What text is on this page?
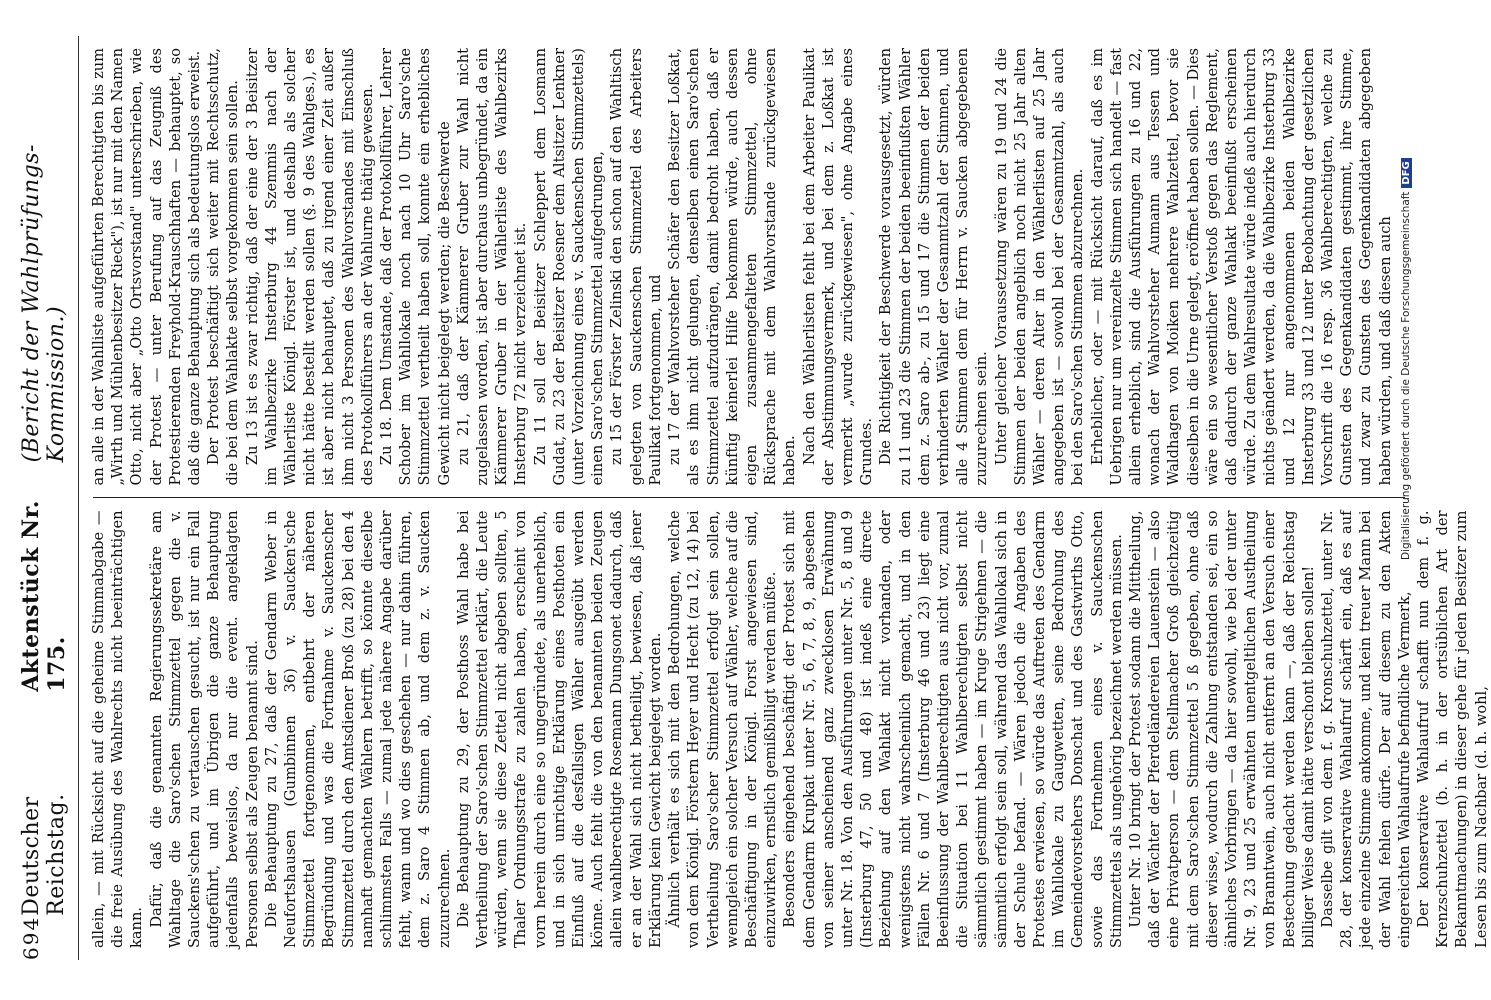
694
Deutscher Reichstag.
Aktenstück Nr. 175.
(Bericht der Wahlprüfungs-Kommission.)

allein, — mit Rücksicht auf die geheime Stimmabgabe — die freie Ausübung des Wahlrechts nicht beeinträchtigen kann. Dafür, daß die genannten Regierungssekretäre am Wahltage die Saro'schen Stimmzettel gegen die v. Sauckens'schen zu vertauschen gesucht, ist nur ein Fall aufgeführt, und im Übrigen die ganze Behauptung jedenfalls beweislos, da nur die event. angeklagten Personen selbst als Zeugen benannt sind. Die Behauptung zu 27, daß der Gendarm Weber in Neufortshausen (Gumbinnen 36) v. Saucken'sche Stimmzettel fortgenommen, entbehrt der näheren Begründung und was die Fortnahme v. Sauckenscher Stimmzettel durch den Amtsdiener Broß (zu 28) bei den 4 namhaft gemachten Wählern betrifft, so könnte dieselbe schlimmsten Falls — zumal jede nähere Angabe darüber fehlt, wann und wo dies geschehen — nur dahin führen, dem z. Saro 4 Stimmen ab, und dem z. v. Saucken zuzurechnen. Die Behauptung zu 29, der Posthoss Wahl habe bei Vertheilung der Saro'schen Stimmzettel erklärt, die Leute würden, wenn sie diese Zettel nicht abgeben sollten, 5 Thaler Ordnungsstrafe zu zahlen haben, erscheint von vorn herein durch eine so ungegründete, als unerheblich, und in sich unrichtige Erklärung eines Posthoten ein Einfluß auf die desfallsigen Wähler ausgeübt werden könne. Auch fehlt die von den benannten beiden Zeugen allein wahlberechtigte Rosemann Dungsonet dadurch, daß er an der Wahl sich nicht betheiligt, bewiesen, daß jener Erklärung kein Gewicht beigelegt worden. Ähnlich verhält es sich mit den Bedrohungen, welche von dem Königl. Förstern Heyer und Hecht (zu 12, 14) bei Vertheilung Saro'scher Stimmzettel erfolgt sein sollen, wenngleich ein solcher Versuch auf Wähler, welche auf die Beschäftigung in der Königl. Forst angewiesen sind, einzuwirken, ernstlich gemißbilligt werden müßte. Besonders eingehend beschäftigt der Protest sich mit dem Gendarm Krupkat unter Nr. 5, 6, 7, 8, 9, abgesehen von seiner anscheinend ganz zwecklosen Erwähnung unter Nr. 18. Von den Ausführungen unter Nr. 5, 8 und 9 (Insterburg 47, 50 und 48) ist indeß eine directe Beziehung auf den Wahlakt nicht vorhanden, oder wenigstens nicht wahrscheinlich gemacht, und in den Fällen Nr. 6 und 7 (Insterburg 46 und 23) liegt eine Beeinflussung der Wahlberechtigten aus nicht vor, zumal die Situation bei 11 Wahlberechtigten selbst nicht sämmtlich gestimmt haben — im Kruge Strigehnen — die sämmtlich erfolgt sein soll, während das Wahllokal sich in der Schule befand. — Wären jedoch die Angaben des Protestes erwiesen, so würde das Auftreten des Gendarm im Wahllokale zu Gaugwetten, seine Bedrohung des Gemeindevorstehers Donschat und des Gastwirths Otto, sowie das Fortnehmen eines v. Sauckenschen Stimmzettels als ungehörig bezeichnet werden müssen. Unter Nr. 10 bringt der Protest sodann die Mittheilung, daß der Wächter der Pferdeländereien Lauenstein — also eine Privatperson — dem Stellmacher Groß gleichzeitig mit dem Saro'schen Stimmzettel 5 ß gegeben, ohne daß dieser wisse, wodurch die Zahlung entstanden sei, ein so ähnliches Vorbringen — da hier sowohl, wie bei der unter Nr. 9, 23 und 25 erwähnten unentgeltlichen Austheilung von Branntwein, auch nicht entfernt an den Versuch einer Bestechung gedacht werden kann —, daß der Reichstag billiger Weise damit hätte verschont bleiben sollen! Dasselbe gilt von dem f. g. Kronschuhzettel, unter Nr. 28, der konservative Wahlaufruf schärft ein, daß es auf jede einzelne Stimme ankomme, und kein treuer Mann bei der Wahl fehlen dürfe. Der auf diesem zu den Akten eingereichten Wahlaufrufe befindliche Vermerk, Der konservative Wahlaufruf schafft nun dem f. g. Krenzschuhzettel (b. h. in der ortsüblichen Art der Bekanntmachungen) in dieser gehe für jeden Besitzer zum Lesen bis zum Nachbar (d. h. wohl,

an alle in der Wahlliste aufgeführten Berechtigten bis zum „Wirth und Mühlenbesitzer Rieck"), ist nur mit den Namen Otto, nicht aber „Otto Ortsvorstand" unterschrieben, wie der Protest — unter Berufung auf das Zeugniß des Protestierenden Freyhold-Krauschhaften — behauptet, so daß die ganze Behauptung sich als bedeutungslos erweist. Der Protest beschäftigt sich weiter mit Rechtsschutz, die bei dem Wahlakte selbst vorgekommen sein sollen. Zu 13 ist es zwar richtig, daß der eine der 3 Beisitzer im Wahlbezirke Insterburg 44 Szemmis nach der Wählerliste Königl. Förster ist, und deshalb als solcher nicht hätte bestellt werden sollen (§. 9 des Wahlges.), es ist aber nicht behauptet, daß zu irgend einer Zeit außer ihm nicht 3 Personen des Wahlvorstandes mit Einschluß des Protokollführers an der Wahlurne thätig gewesen. Zu 18. Dem Umstande, daß der Protokollführer, Lehrer Schober im Wahllokale noch nach 10 Uhr Saro'sche Stimmzettel vertheilt haben soll, konnte ein erhebliches Gewicht nicht beigelegt werden; die Beschwerde zu 21, daß der Kämmerer Gruber zur Wahl nicht zugelassen worden, ist aber durchaus unbegründet, da ein Kämmerer Gruber in der Wählerliste des Wahlbezirks Insterburg 72 nicht verzeichnet ist. Zu 11 soll der Beisitzer Schleppert dem Losmann Gudat, zu 23 der Beisitzer Roesner dem Altsitzer Lenkner (unter Vorzeichnung eines v. Sauckenschen Stimmzettels) einen Saro'schen Stimmzettel aufgedrungen, zu 15 der Förster Zelinski den schon auf den Wahltisch gelegten von Sauckenschen Stimmzettel des Arbeiters Paulikat fortgenommen, und zu 17 der Wahlvorsteher Schäfer den Besitzer Loßkat, als es ihm nicht gelungen, denselben einen Saro'schen Stimmzettel aufzudrängen, damit bedroht haben, daß er künftig keinerlei Hilfe bekommen würde, auch dessen eigen zusammengefalteten Stimmzettel, ohne Rücksprache mit dem Wahlvorstande zurückgewiesen haben. Nach den Wählerlisten fehlt bei dem Arbeiter Paulikat der Abstimmungsvermerk, und bei dem z. Loßkat ist vermerkt „wurde zurückgewiesen", ohne Angabe eines Grundes. Die Richtigkeit der Beschwerde vorausgesetzt, würden zu 11 und 23 die Stimmen der beiden beeinflußten Wähler dem z. Saro ab-, zu 15 und 17 die Stimmen der beiden verhinderten Wähler der Gesammtzahl der Stimmen, und alle 4 Stimmen dem für Herrn v. Saucken abgegebenen zuzurechnen sein. Unter gleicher Voraussetzung wären zu 19 und 24 die Stimmen der beiden angeblich noch nicht 25 Jahr alten Wähler — deren Alter in den Wählerlisten auf 25 Jahr angegeben ist — sowohl bei der Gesammtzahl, als auch bei den Saro'schen Stimmen abzurechnen. Erheblicher, oder — mit Rücksicht darauf, daß es im Uebrigen nur um vereinzelte Stimmen sich handelt — fast allein erheblich, sind die Ausführungen zu 16 und 22, wonach der Wahlvorsteher Aumann aus Tessen und Waldhagen von Moiken mehrere Wahlzettel, bevor sie dieselben in die Urne gelegt, eröffnet haben sollen. — Dies wäre ein so wesentlicher Verstoß gegen das Reglement, daß dadurch der ganze Wahlakt beeinflußt erscheinen würde. Zu dem Wahlresultate würde indeß auch hierdurch nichts geändert werden, da die Wahlbezirke Insterburg 33 und 12 nur angenommenen beiden Wahlbezirke Insterburg 33 und 12 unter Beobachtung der gesetzlichen Vorschrift die 16 resp. 36 Wahlberechtigten, welche zu Gunsten des Gegenkandidaten gestimmt, ihre Stimme, und zwar zu Gunsten des Gegenkandidaten abgegeben haben würden, und daß diesen auch Digitalisierung gefördert durch die Deutsche Forschungsgemeinschaft
DFG
